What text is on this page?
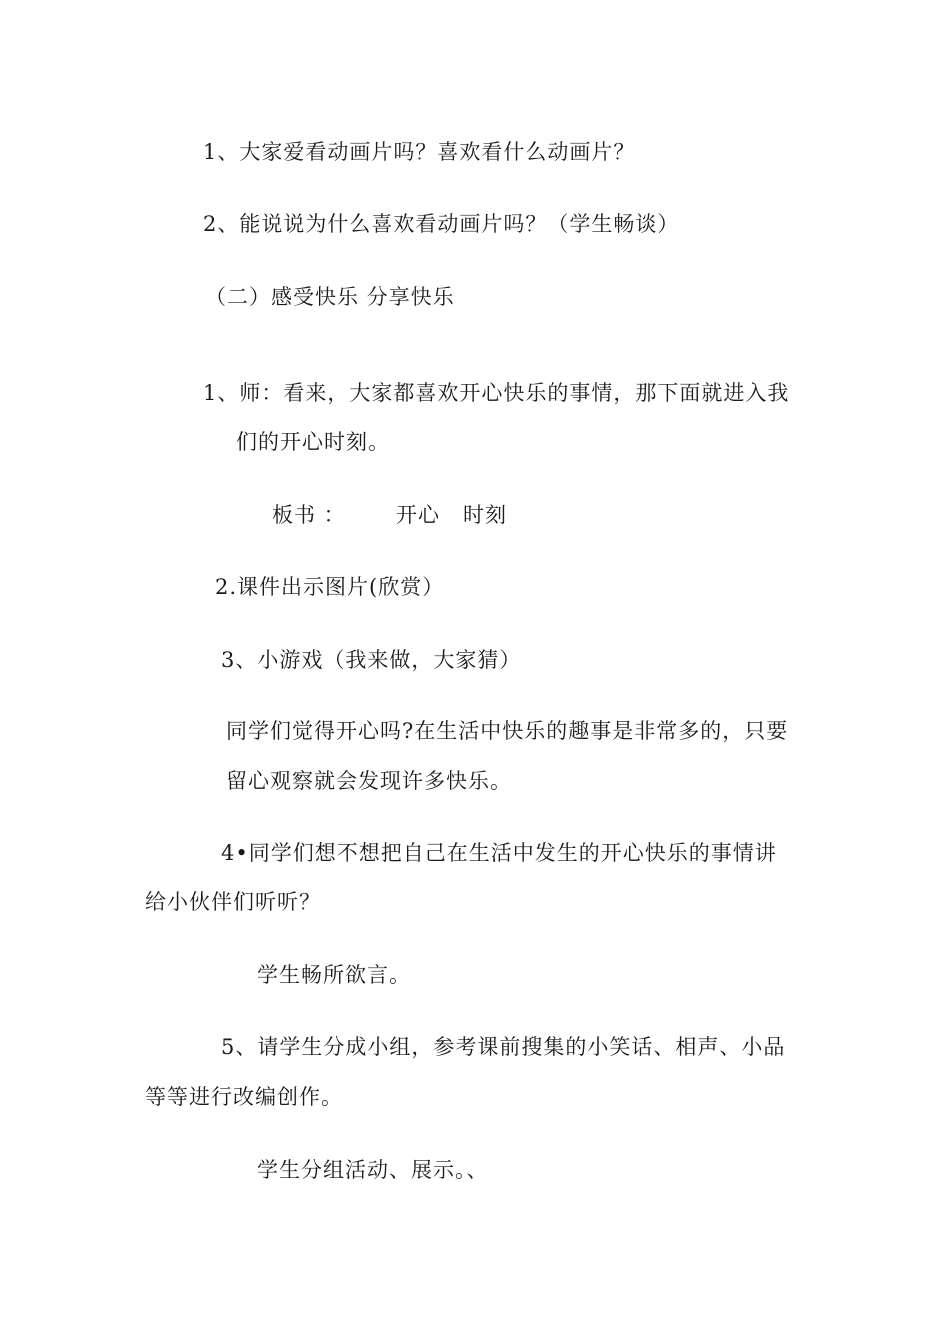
1、大家爱看动画片吗？喜欢看什么动画片？
2、能说说为什么喜欢看动画片吗？（学生畅谈）
（二）感受快乐 分享快乐
1、师：看来，大家都喜欢开心快乐的事情，那下面就进入我
们的开心时刻。
板书 ： 开心 时刻
2.课件出示图片(欣赏）
3、小游戏（我来做，大家猜）
同学们觉得开心吗?在生活中快乐的趣事是非常多的，只要
留心观察就会发现许多快乐。
4•同学们想不想把自己在生活中发生的开心快乐的事情讲
给小伙伴们听听？
学生畅所欲言。
5、请学生分成小组，参考课前搜集的小笑话、相声、小品
等等进行改编创作。
学生分组活动、展示。、
